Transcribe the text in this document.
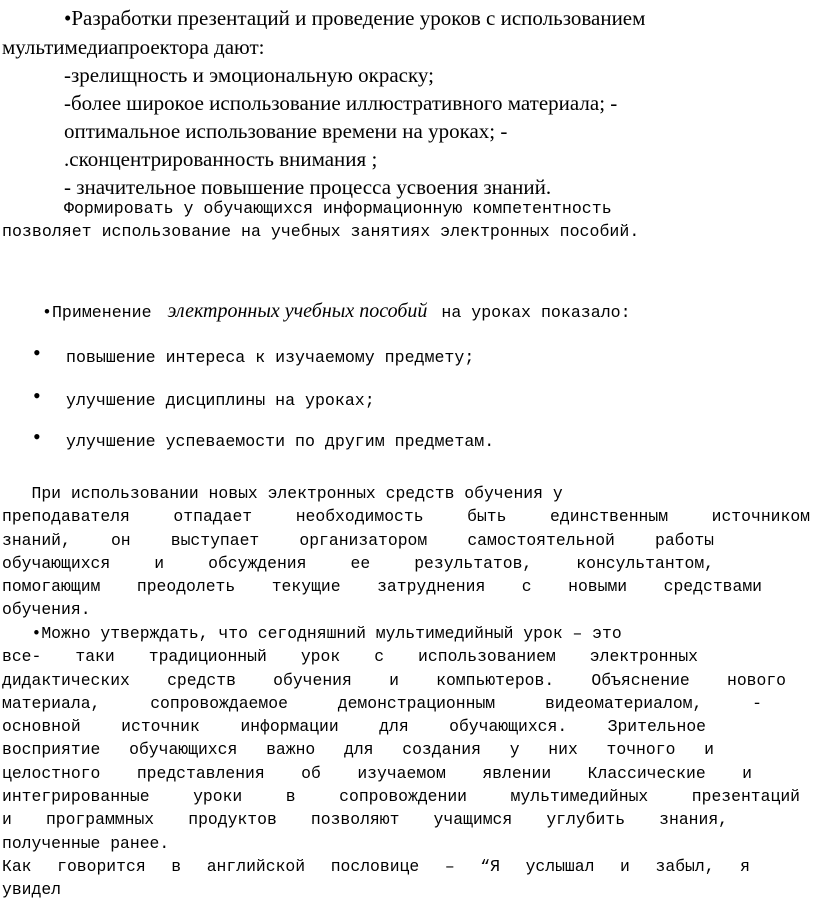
•Разработки презентаций и проведение уроков с использованием
мультимедиапроектора дают:
-зрелищность и эмоциональную окраску;
-более широкое использование иллюстративного материала; -
оптимальное использование времени на уроках; -
.сконцентрированность внимания ;
- значительное повышение процесса усвоения знаний.
Формировать у обучающихся информационную компетентность
позволяет использование на учебных занятиях электронных пособий.

•Применение электронных учебных пособий на уроках показало:

• повышение интереса к изучаемому предмету;
• улучшение дисциплины на уроках;
• улучшение успеваемости по другим предметам.
При использовании новых электронных средств обучения у
преподавателя отпадает необходимость быть единственным источником
знаний, он выступает организатором самостоятельной работы
обучающихся и обсуждения ее результатов, консультантом,
помогающим преодолеть текущие затруднения с новыми средствами
обучения.
•Можно утверждать, что сегодняшний мультимедийный урок – это
все- таки традиционный урок с использованием электронных
дидактических средств обучения и компьютеров. Объяснение нового
материала, сопровождаемое демонстрационным видеоматериалом, -
основной источник информации для обучающихся. Зрительное
восприятие обучающихся важно для создания у них точного и
целостного представления об изучаемом явлении Классические и
интегрированные уроки в сопровождении мультимедийных презентаций
и программных продуктов позволяют учащимся углубить знания,
полученные ранее.
Как говорится в английской пословице – “Я услышал и забыл, я
увидел
